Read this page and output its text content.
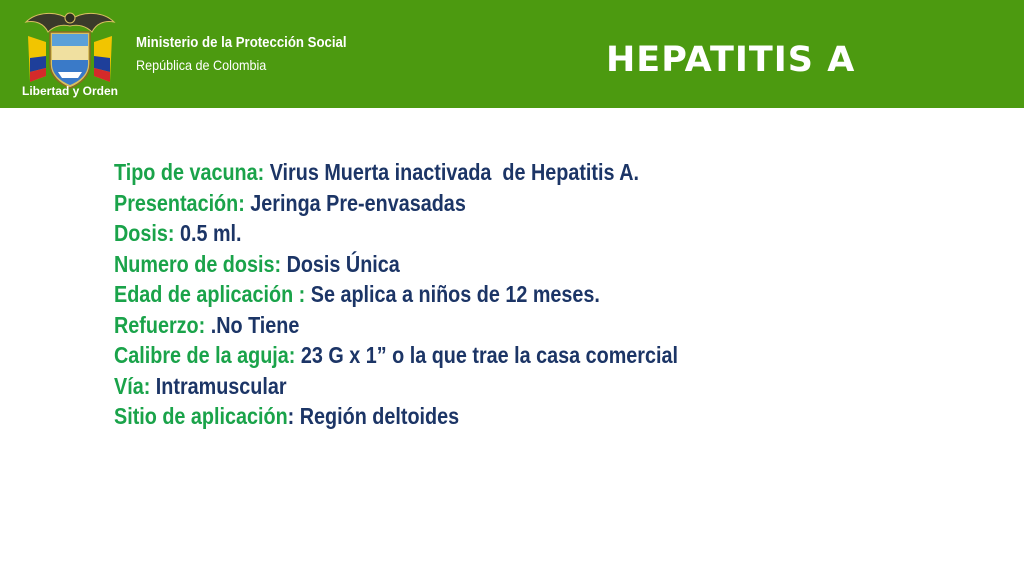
Libertad y Orden
Ministerio de la Protección Social
República de Colombia	HEPATITIS A
Tipo de vacuna: Virus Muerta inactivada  de Hepatitis A.
Presentación: Jeringa Pre-envasadas
Dosis: 0.5 ml.
Numero de dosis: Dosis Única
Edad de aplicación : Se aplica a niños de 12 meses.
Refuerzo: .No Tiene
Calibre de la aguja: 23 G x 1” o la que trae la casa comercial
Vía: Intramuscular
Sitio de aplicación: Región deltoides
